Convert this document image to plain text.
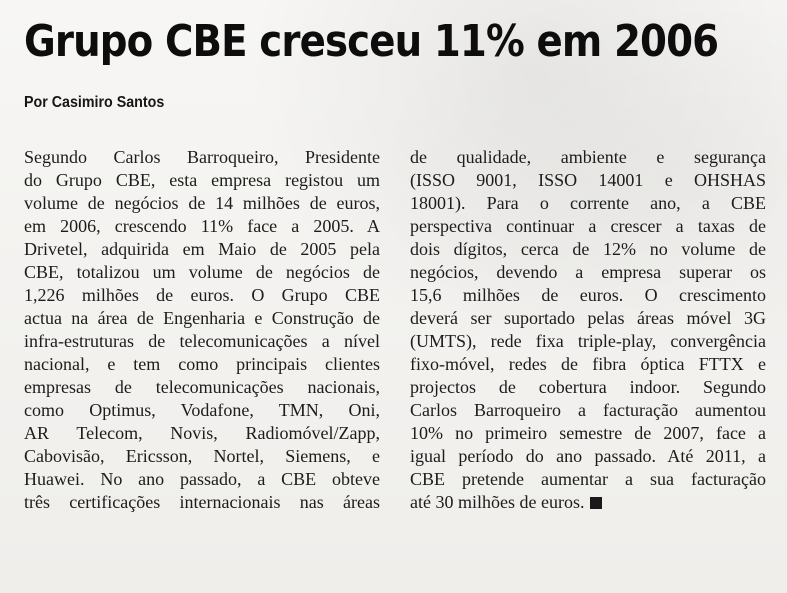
Grupo CBE cresceu 11% em 2006
Por Casimiro Santos
Segundo Carlos Barroqueiro, Presidente
do Grupo CBE, esta empresa registou um
volume de negócios de 14 milhões de euros,
em 2006, crescendo 11% face a 2005. A
Drivetel, adquirida em Maio de 2005 pela
CBE, totalizou um volume de negócios de
1,226 milhões de euros. O Grupo CBE
actua na área de Engenharia e Construção de
infra-estruturas de telecomunicações a nível
nacional, e tem como principais clientes
empresas de telecomunicações nacionais,
como Optimus, Vodafone, TMN, Oni,
AR Telecom, Novis, Radiomóvel/Zapp,
Cabovisão, Ericsson, Nortel, Siemens, e
Huawei. No ano passado, a CBE obteve
três certificações internacionais nas áreas
de qualidade, ambiente e segurança
(ISSO 9001, ISSO 14001 e OHSHAS
18001). Para o corrente ano, a CBE
perspectiva continuar a crescer a taxas de
dois dígitos, cerca de 12% no volume de
negócios, devendo a empresa superar os
15,6 milhões de euros. O crescimento
deverá ser suportado pelas áreas móvel 3G
(UMTS), rede fixa triple-play, convergência
fixo-móvel, redes de fibra óptica FTTX e
projectos de cobertura indoor. Segundo
Carlos Barroqueiro a facturação aumentou
10% no primeiro semestre de 2007, face a
igual período do ano passado. Até 2011, a
CBE pretende aumentar a sua facturação
até 30 milhões de euros.
